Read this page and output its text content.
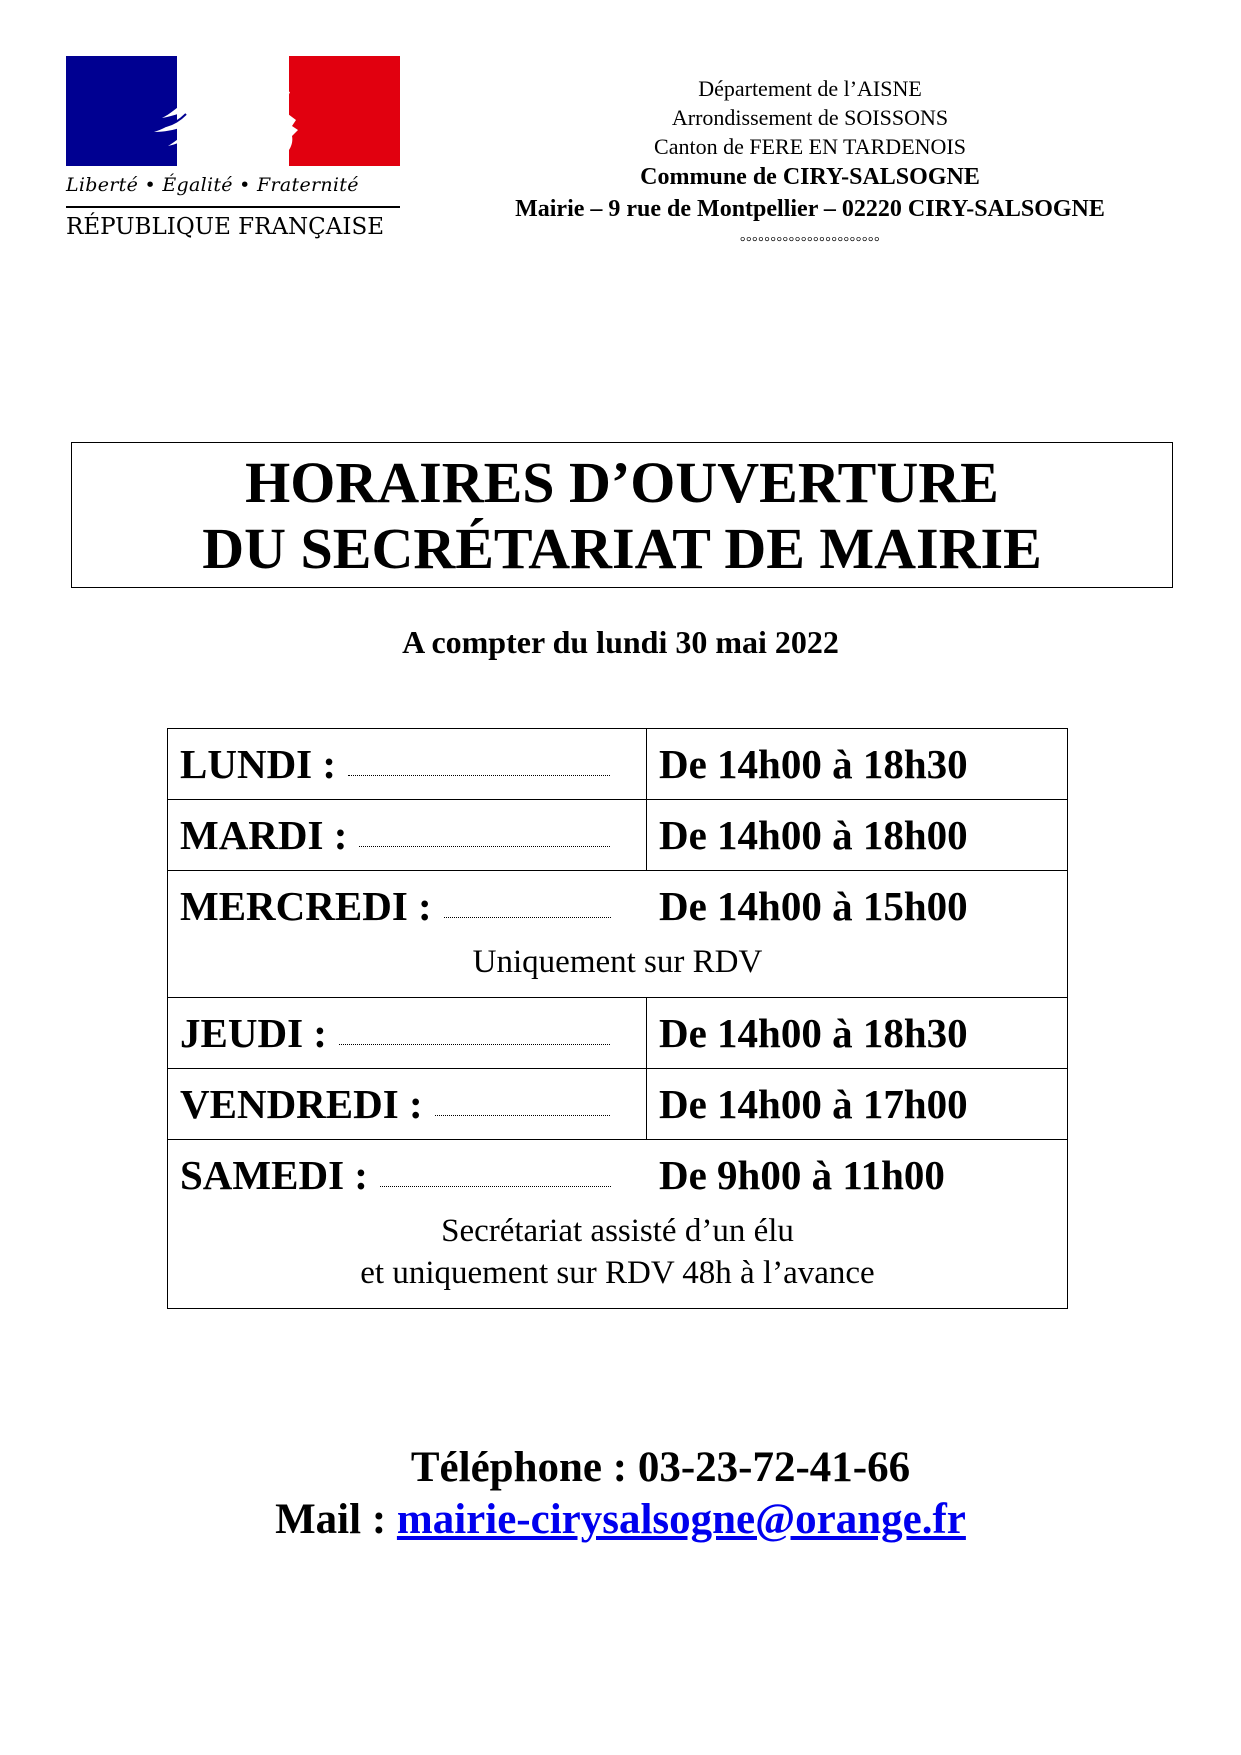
Liberté • Égalité • Fraternité
RÉPUBLIQUE FRANÇAISE
Département de l’AISNE
Arrondissement de SOISSONS
Canton de FERE EN TARDENOIS
Commune de CIRY-SALSOGNE
Mairie – 9 rue de Montpellier – 02220 CIRY-SALSOGNE
°°°°°°°°°°°°°°°°°°°°°°°
HORAIRES D’OUVERTURE
DU SECRÉTARIAT DE MAIRIE
A compter du lundi 30 mai 2022
LUNDI :	De 14h00 à 18h30
MARDI :	De 14h00 à 18h00
MERCREDI :	De 14h00 à 15h00
Uniquement sur RDV
JEUDI :	De 14h00 à 18h30
VENDREDI :	De 14h00 à 17h00
SAMEDI :	De 9h00 à 11h00
Secrétariat assisté d’un élu
et uniquement sur RDV 48h à l’avance
Téléphone : 03-23-72-41-66
Mail : mairie-cirysalsogne@orange.fr
